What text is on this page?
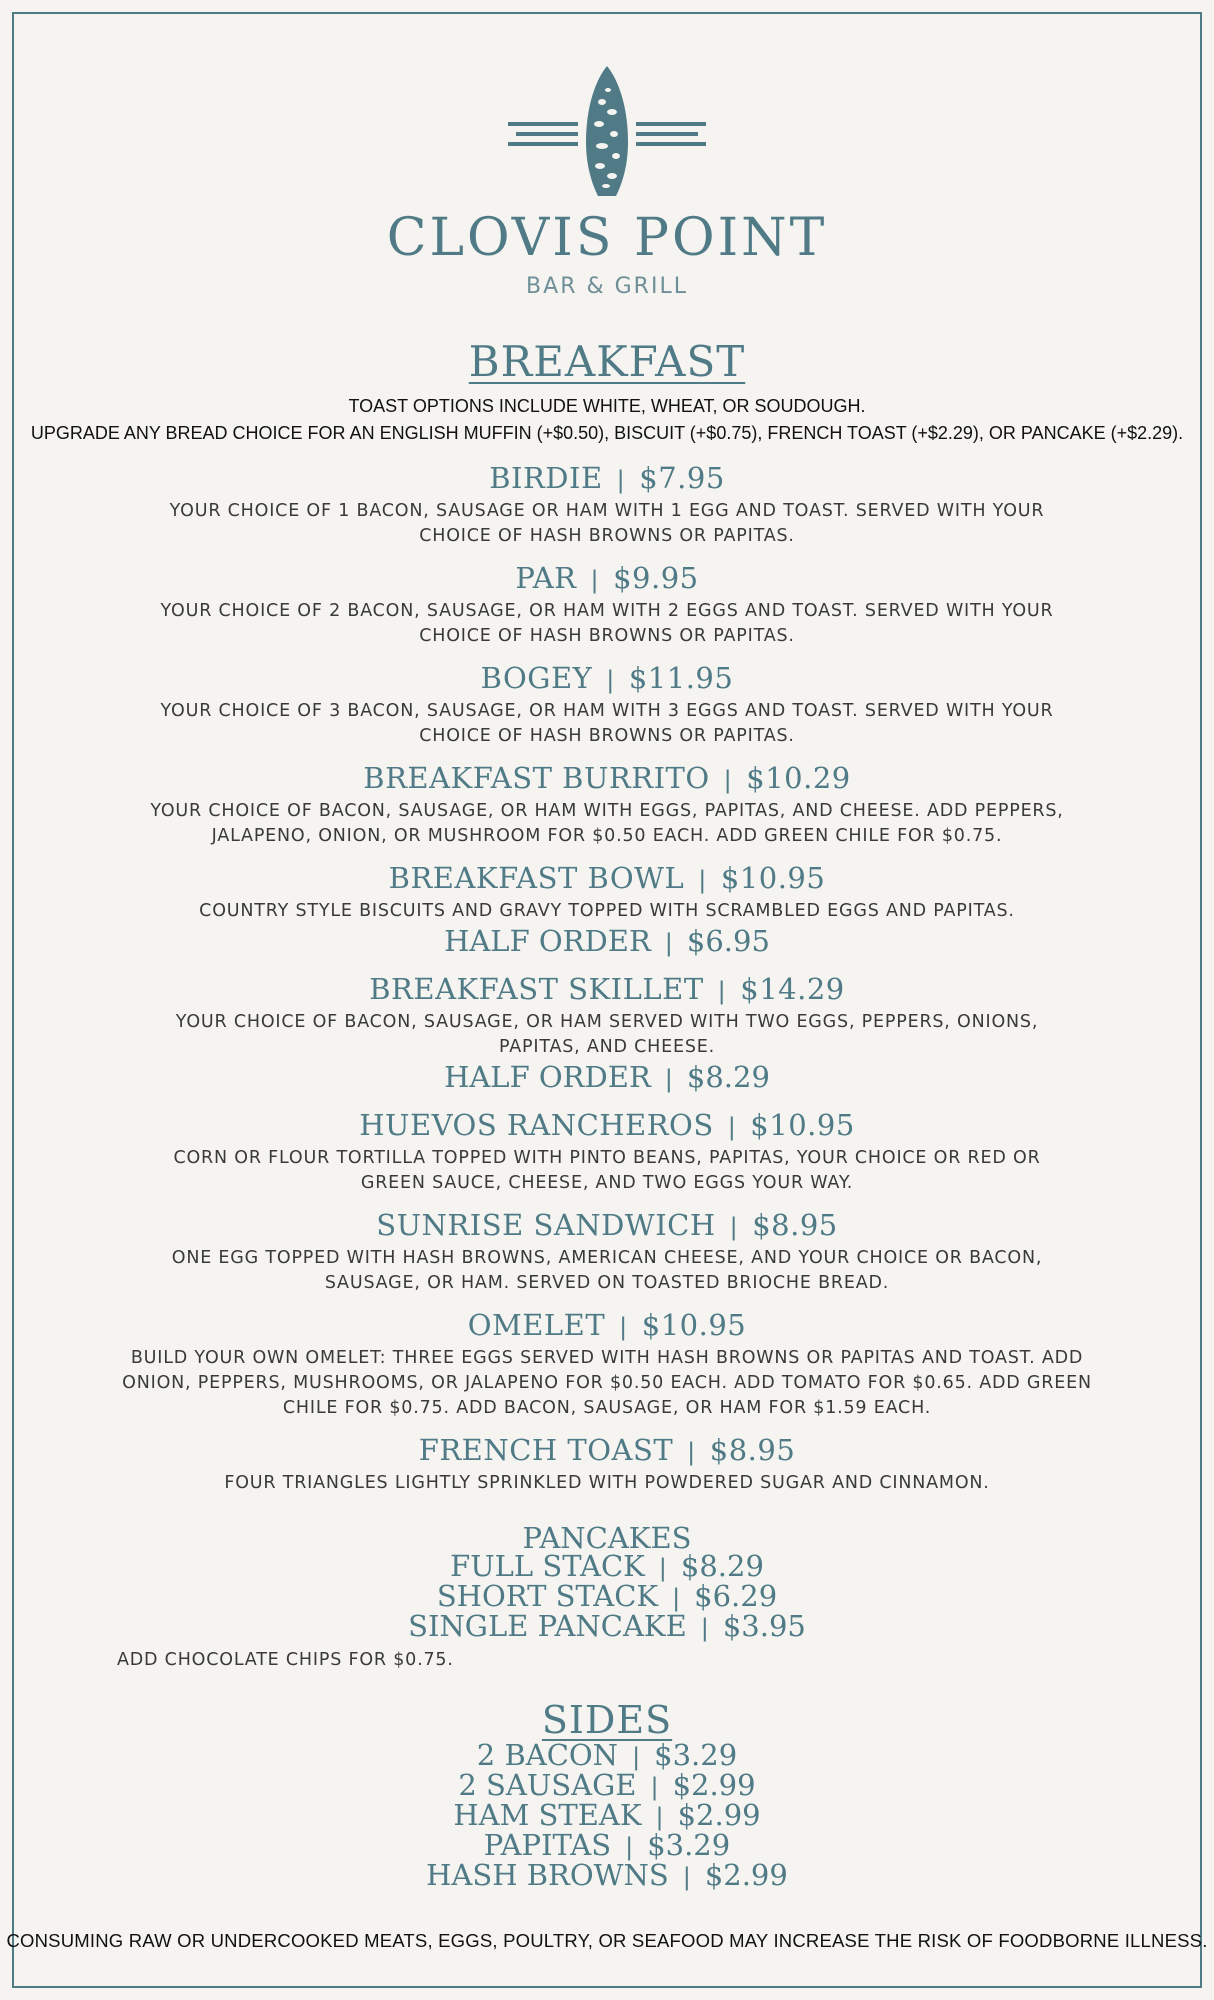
CLOVIS POINT
BAR & GRILL
BREAKFAST
TOAST OPTIONS INCLUDE WHITE, WHEAT, OR SOUDOUGH.
UPGRADE ANY BREAD CHOICE FOR AN ENGLISH MUFFIN (+$0.50), BISCUIT (+$0.75), FRENCH TOAST (+$2.29), OR PANCAKE (+$2.29).
BIRDIE | $7.95
YOUR CHOICE OF 1 BACON, SAUSAGE OR HAM WITH 1 EGG AND TOAST. SERVED WITH YOUR CHOICE OF HASH BROWNS OR PAPITAS.
PAR | $9.95
YOUR CHOICE OF 2 BACON, SAUSAGE, OR HAM WITH 2 EGGS AND TOAST. SERVED WITH YOUR CHOICE OF HASH BROWNS OR PAPITAS.
BOGEY | $11.95
YOUR CHOICE OF 3 BACON, SAUSAGE, OR HAM WITH 3 EGGS AND TOAST. SERVED WITH YOUR CHOICE OF HASH BROWNS OR PAPITAS.
BREAKFAST BURRITO | $10.29
YOUR CHOICE OF BACON, SAUSAGE, OR HAM WITH EGGS, PAPITAS, AND CHEESE. ADD PEPPERS, JALAPENO, ONION, OR MUSHROOM FOR $0.50 EACH. ADD GREEN CHILE FOR $0.75.
BREAKFAST BOWL | $10.95
COUNTRY STYLE BISCUITS AND GRAVY TOPPED WITH SCRAMBLED EGGS AND PAPITAS.
HALF ORDER | $6.95
BREAKFAST SKILLET | $14.29
YOUR CHOICE OF BACON, SAUSAGE, OR HAM SERVED WITH TWO EGGS, PEPPERS, ONIONS, PAPITAS, AND CHEESE.
HALF ORDER | $8.29
HUEVOS RANCHEROS | $10.95
CORN OR FLOUR TORTILLA TOPPED WITH PINTO BEANS, PAPITAS, YOUR CHOICE OR RED OR GREEN SAUCE, CHEESE, AND TWO EGGS YOUR WAY.
SUNRISE SANDWICH | $8.95
ONE EGG TOPPED WITH HASH BROWNS, AMERICAN CHEESE, AND YOUR CHOICE OR BACON, SAUSAGE, OR HAM. SERVED ON TOASTED BRIOCHE BREAD.
OMELET | $10.95
BUILD YOUR OWN OMELET: THREE EGGS SERVED WITH HASH BROWNS OR PAPITAS AND TOAST. ADD ONION, PEPPERS, MUSHROOMS, OR JALAPENO FOR $0.50 EACH. ADD TOMATO FOR $0.65. ADD GREEN CHILE FOR $0.75. ADD BACON, SAUSAGE, OR HAM FOR $1.59 EACH.
FRENCH TOAST | $8.95
FOUR TRIANGLES LIGHTLY SPRINKLED WITH POWDERED SUGAR AND CINNAMON.
PANCAKES
FULL STACK | $8.29
SHORT STACK | $6.29
SINGLE PANCAKE | $3.95
ADD CHOCOLATE CHIPS FOR $0.75.
SIDES
2 BACON | $3.29
2 SAUSAGE | $2.99
HAM STEAK | $2.99
PAPITAS | $3.29
HASH BROWNS | $2.99
CONSUMING RAW OR UNDERCOOKED MEATS, EGGS, POULTRY, OR SEAFOOD MAY INCREASE THE RISK OF FOODBORNE ILLNESS.
